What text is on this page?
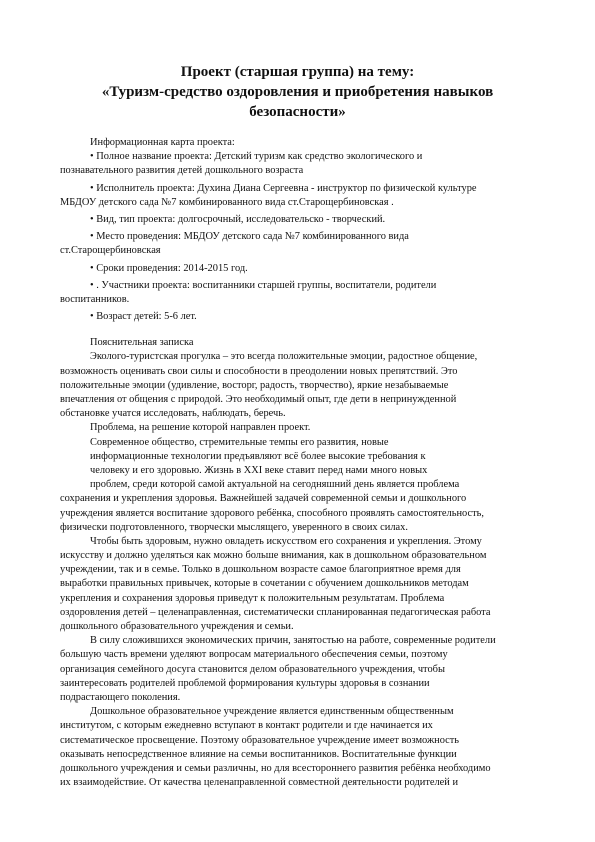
Проект (старшая группа) на тему:
«Туризм-средство оздоровления и приобретения навыков
безопасности»
Информационная карта проекта:
• Полное название проекта: Детский туризм как средство экологического и
познавательного развития детей дошкольного возраста
• Исполнитель проекта: Духина Диана Сергеевна - инструктор по физической культуре
МБДОУ детского сада №7 комбинированного вида ст.Старощербиновская .
• Вид, тип проекта: долгосрочный, исследовательско - творческий.
• Место проведения: МБДОУ детского сада №7 комбинированного вида
ст.Старощербиновская
• Сроки проведения: 2014-2015 год.
• . Участники проекта: воспитанники старшей группы, воспитатели, родители
воспитанников.
• Возраст детей: 5-6 лет.
Пояснительная записка
Эколого-туристская прогулка – это всегда положительные эмоции, радостное общение,
возможность оценивать свои силы и способности в преодолении новых препятствий. Это
положительные эмоции (удивление, восторг, радость, творчество), яркие незабываемые
впечатления от общения с природой. Это необходимый опыт, где дети в непринужденной
обстановке учатся исследовать, наблюдать, беречь.
Проблема, на решение которой направлен проект.
Современное общество, стремительные темпы его развития, новые
информационные технологии предъявляют всё более высокие требования к
человеку и его здоровью. Жизнь в XXI веке ставит перед нами много новых
проблем, среди которой самой актуальной на сегодняшний день является проблема
сохранения и укрепления здоровья. Важнейшей задачей современной семьи и дошкольного
учреждения является воспитание здорового ребёнка, способного проявлять самостоятельность,
физически подготовленного, творчески мыслящего, уверенного в своих силах.
Чтобы быть здоровым, нужно овладеть искусством его сохранения и укрепления. Этому
искусству и должно уделяться как можно больше внимания, как в дошкольном образовательном
учреждении, так и в семье. Только в дошкольном возрасте самое благоприятное время для
выработки правильных привычек, которые в сочетании с обучением дошкольников методам
укрепления и сохранения здоровья приведут к положительным результатам. Проблема
оздоровления детей – целенаправленная, систематически спланированная педагогическая работа
дошкольного образовательного учреждения и семьи.
В силу сложившихся экономических причин, занятостью на работе, современные родители
большую часть времени уделяют вопросам материального обеспечения семьи, поэтому
организация семейного досуга становится делом образовательного учреждения, чтобы
заинтересовать родителей проблемой формирования культуры здоровья в сознании
подрастающего поколения.
Дошкольное образовательное учреждение является единственным общественным
институтом, с которым ежедневно вступают в контакт родители и где начинается их
систематическое просвещение. Поэтому образовательное учреждение имеет возможность
оказывать непосредственное влияние на семьи воспитанников. Воспитательные функции
дошкольного учреждения и семьи различны, но для всестороннего развития ребёнка необходимо
их взаимодействие. От качества целенаправленной совместной деятельности родителей и
